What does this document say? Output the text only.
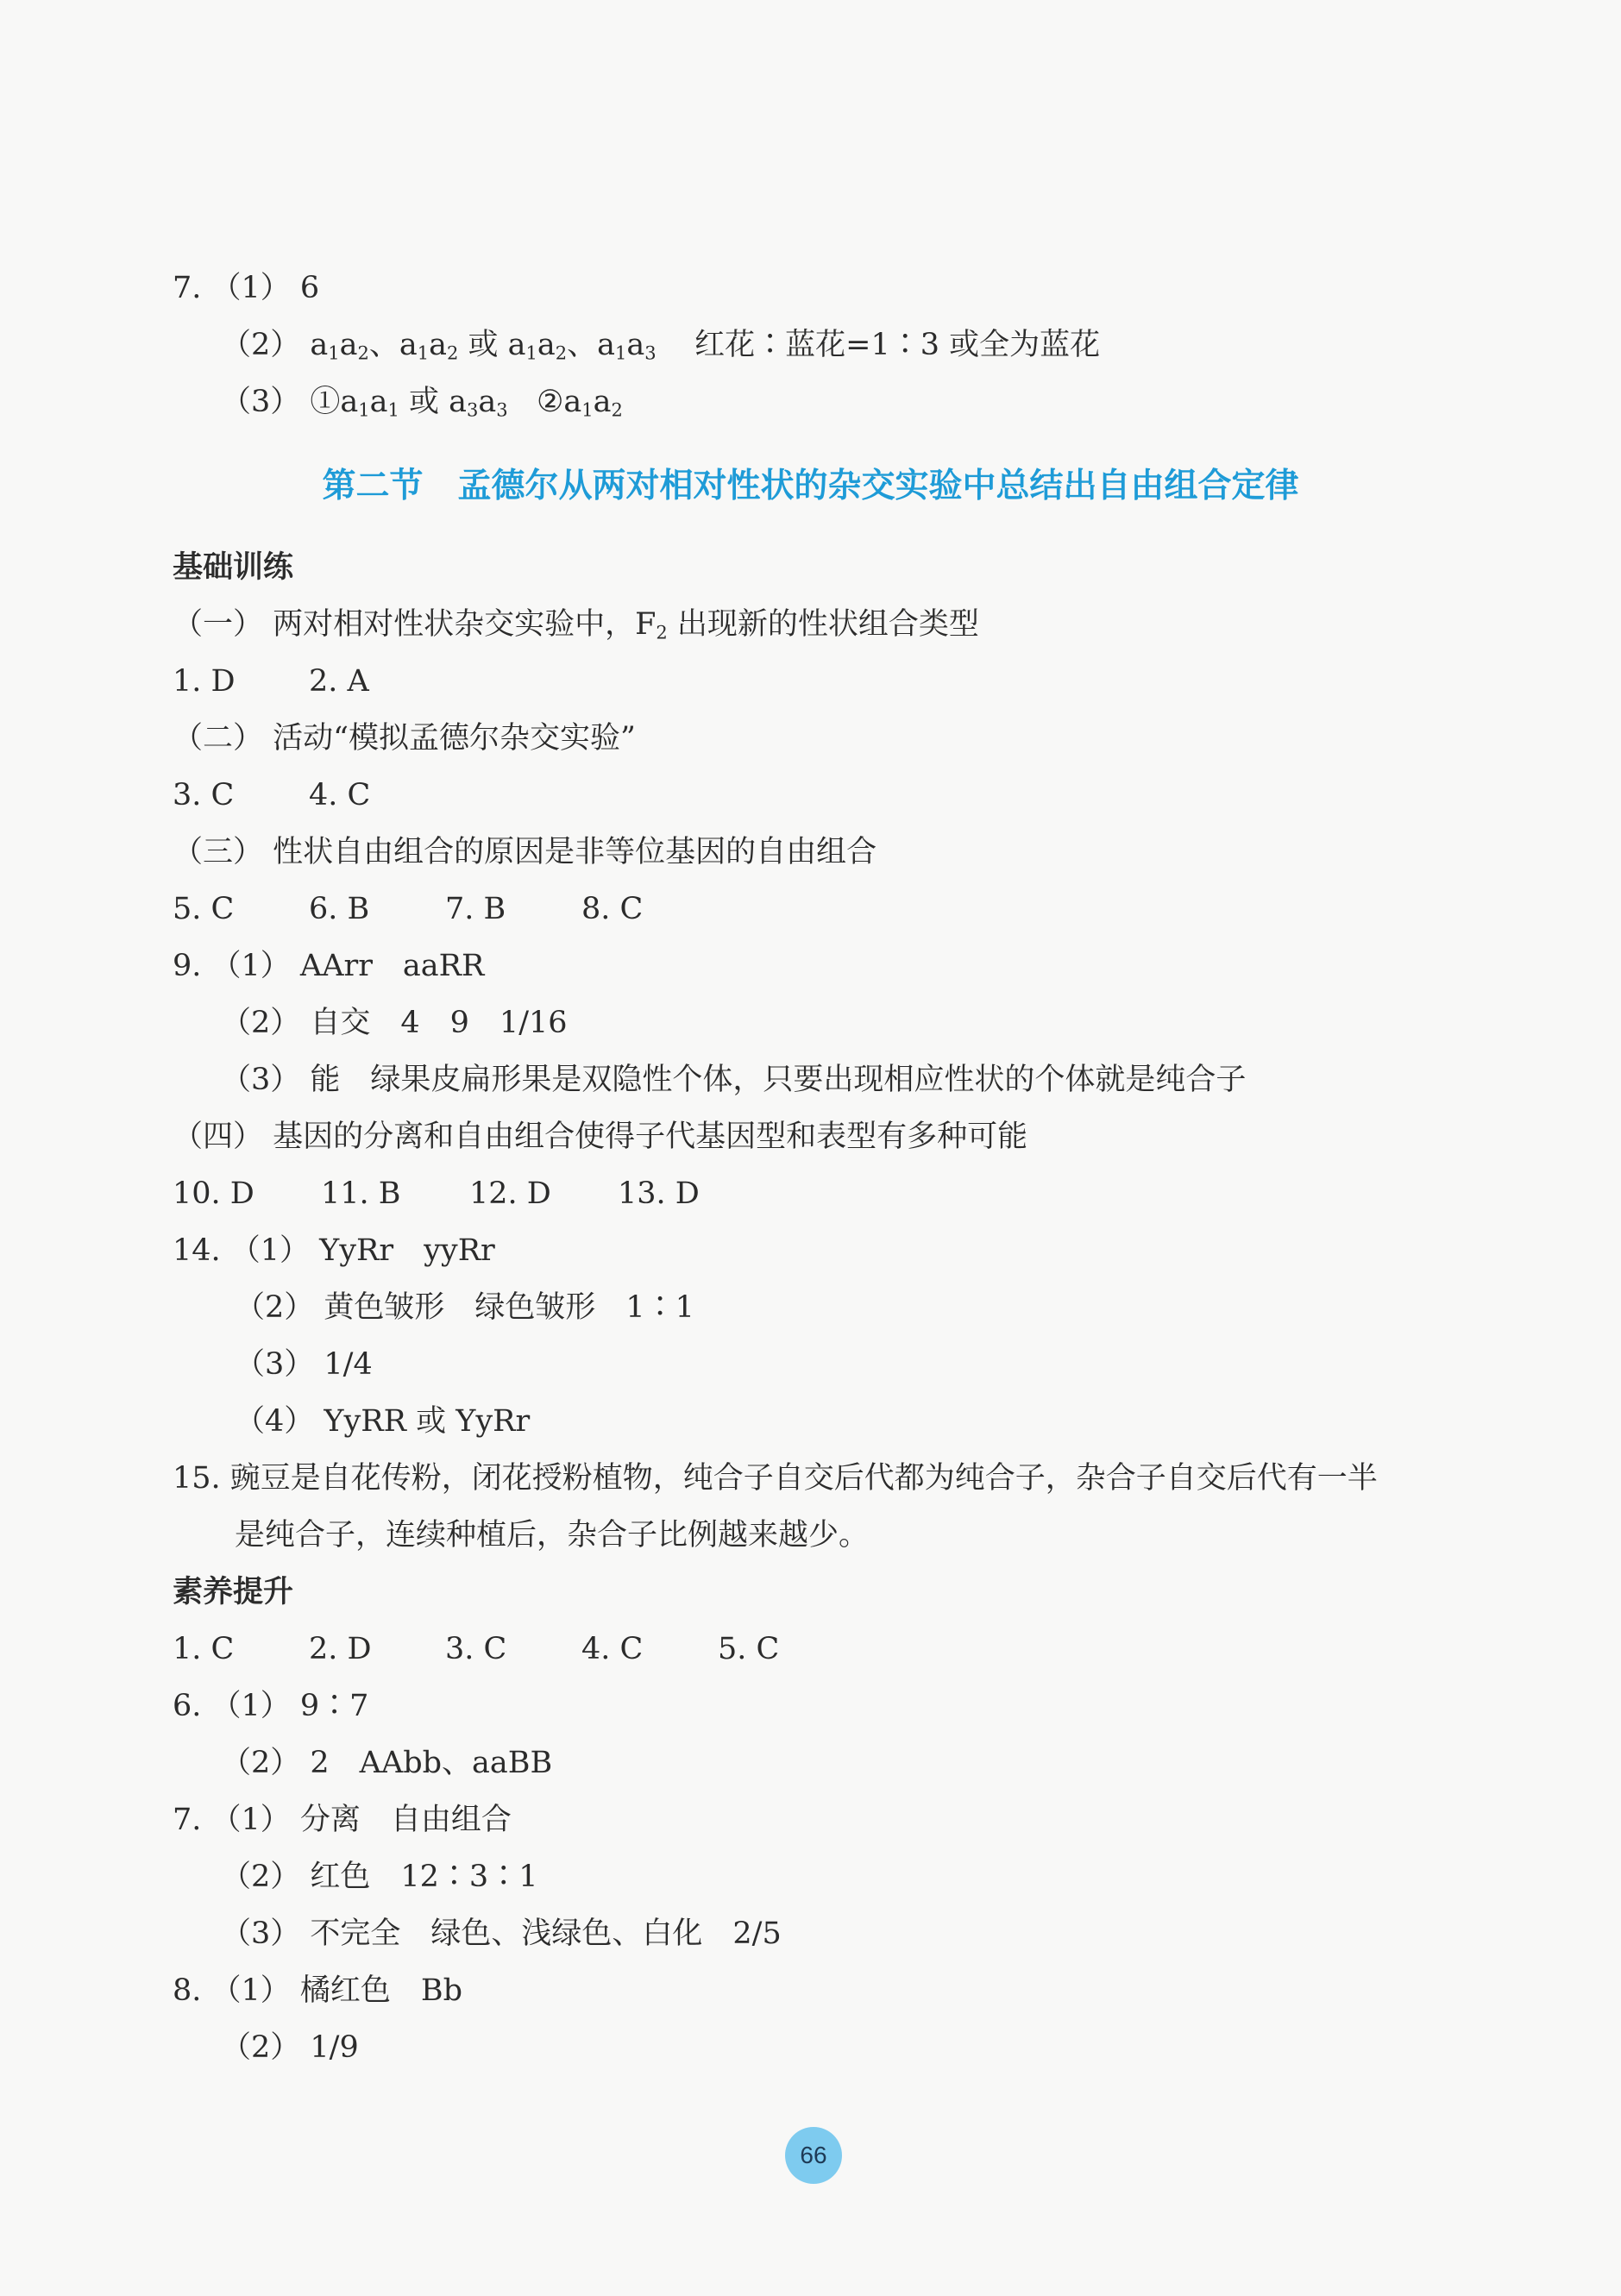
7. （1） 6
（2） $a_1a_2$、$a_1a_2$ 或 $a_1a_2$、$a_1a_3$ 红花∶蓝花=1∶3 或全为蓝花
（3） $①a_1a_1$ 或 $a_3a_3$   $②a_1a_2$
第二节 孟德尔从两对相对性状的杂交实验中总结出自由组合定律
基础训练
（一） 两对相对性状杂交实验中，$F_2$ 出现新的性状组合类型
1. D 2. A
（二） 活动“模拟孟德尔杂交实验”
3. C 4. C
（三） 性状自由组合的原因是非等位基因的自由组合
5. C 6. B	7. B	8. C
9. （1） AArr　aaRR
（2） 自交　4　9　1/16
（3） 能　绿果皮扁形果是双隐性个体，只要出现相应性状的个体就是纯合子
（四） 基因的分离和自由组合使得子代基因型和表型有多种可能
10. D 11. B 12. D 13. D
14. （1） YyRr　yyRr
（2） 黄色皱形　绿色皱形　1∶1
（3） 1/4
（4） YyRR 或 YyRr
15. 豌豆是自花传粉，闭花授粉植物，纯合子自交后代都为纯合子，杂合子自交后代有一半
是纯合子，连续种植后，杂合子比例越来越少。
素养提升
1. C 2. D 3. C 4. C 5. C
6. （1） 9∶7
（2） 2　AAbb、aaBB
7. （1） 分离　自由组合
（2） 红色　12∶3∶1
（3） 不完全　绿色、浅绿色、白化　2/5
8. （1） 橘红色　Bb
（2） 1/9
66
